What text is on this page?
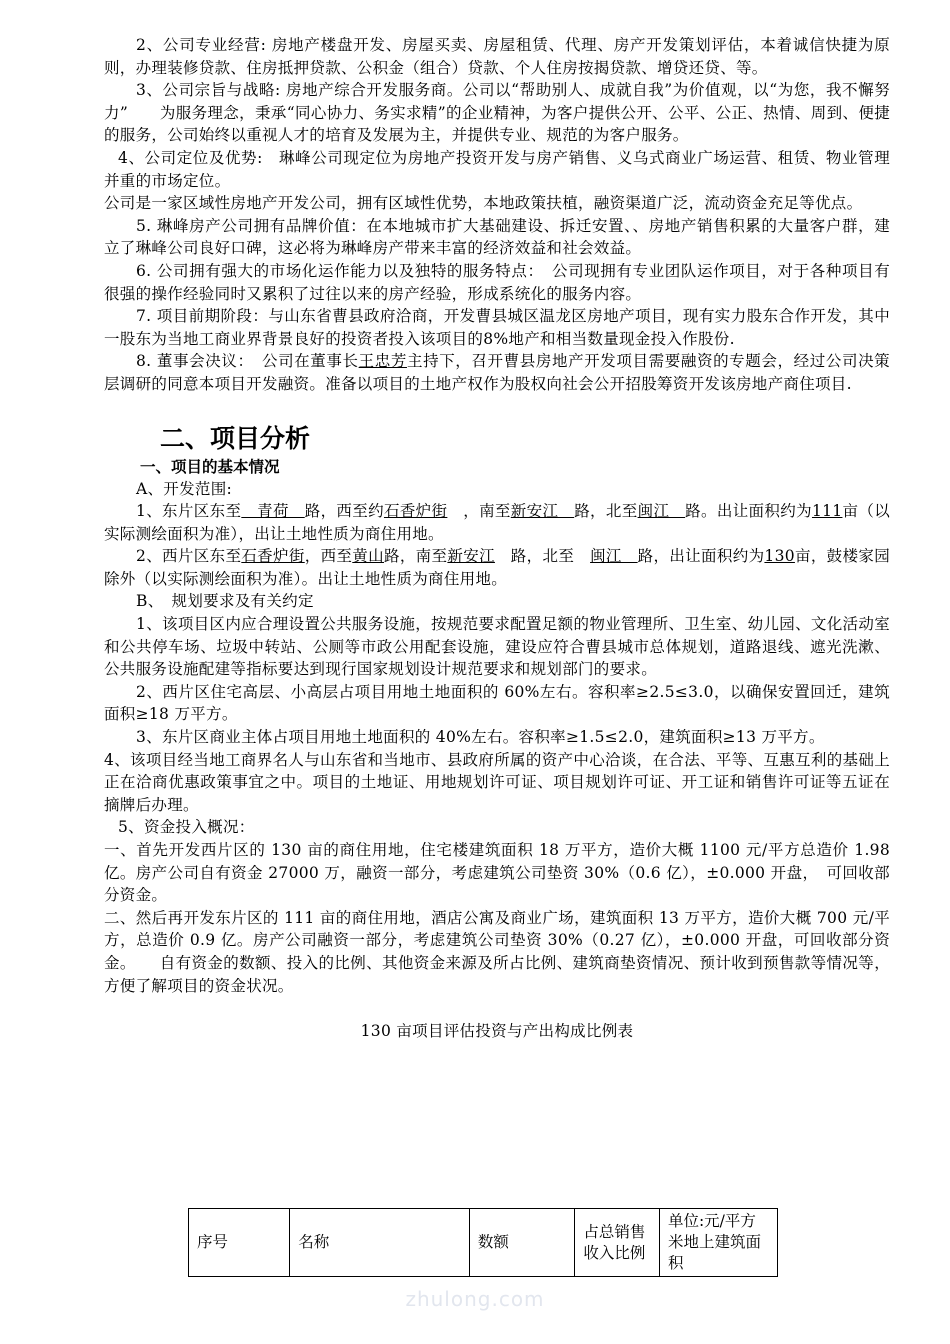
2、公司专业经营: 房地产楼盘开发、房屋买卖、房屋租赁、代理、房产开发策划评估，本着诚信快捷为原则，办理装修贷款、住房抵押贷款、公积金（组合）贷款、个人住房按揭贷款、增贷还贷、等。

3、公司宗旨与战略: 房地产综合开发服务商。公司以“帮助别人、成就自我”为价值观，以“为您，我不懈努力”　　为服务理念，秉承“同心协力、务实求精”的企业精神，为客户提供公开、公平、公正、热情、周到、便捷的服务，公司始终以重视人才的培育及发展为主，并提供专业、规范的为客户服务。

4、公司定位及优势:　琳峰公司现定位为房地产投资开发与房产销售、义乌式商业广场运营、租赁、物业管理并重的市场定位。

公司是一家区域性房地产开发公司，拥有区域性优势，本地政策扶植，融资渠道广泛，流动资金充足等优点。

5. 琳峰房产公司拥有品牌价值：在本地城市扩大基础建设、拆迁安置、、房地产销售积累的大量客户群，建立了琳峰公司良好口碑，这必将为琳峰房产带来丰富的经济效益和社会效益。

6. 公司拥有强大的市场化运作能力以及独特的服务特点：　公司现拥有专业团队运作项目，对于各种项目有很强的操作经验同时又累积了过往以来的房产经验，形成系统化的服务内容。

7. 项目前期阶段：与山东省曹县政府洽商，开发曹县城区温龙区房地产项目，现有实力股东合作开发，其中一股东为当地工商业界背景良好的投资者投入该项目的8%地产和相当数量现金投入作股份.

8. 董事会决议：　公司在董事长王忠芳主持下，召开曹县房地产开发项目需要融资的专题会，经过公司决策层调研的同意本项目开发融资。准备以项目的土地产权作为股权向社会公开招股筹资开发该房地产商住项目.

二、项目分析
一、项目的基本情况

A、开发范围:

1、东片区东至　青荷　路，西至约石香炉街　，南至新安江　路，北至闽江　路。出让面积约为111亩（以实际测绘面积为准），出让土地性质为商住用地。

2、西片区东至石香炉街，西至黄山路，南至新安江　路，北至　闽江　路，出让面积约为130亩，鼓楼家园除外（以实际测绘面积为准）。出让土地性质为商住用地。

B、　规划要求及有关约定

1、该项目区内应合理设置公共服务设施，按规范要求配置足额的物业管理所、卫生室、幼儿园、文化活动室和公共停车场、垃圾中转站、公厕等市政公用配套设施，建设应符合曹县城市总体规划，道路退线、遮光洗漱、公共服务设施配建等指标要达到现行国家规划设计规范要求和规划部门的要求。

2、西片区住宅高层、小高层占项目用地土地面积的 60%左右。容积率≥2.5≤3.0，以确保安置回迁，建筑面积≥18 万平方。

3、东片区商业主体占项目用地土地面积的 40%左右。容积率≥1.5≤2.0，建筑面积≥13 万平方。

4、该项目经当地工商界名人与山东省和当地市、县政府所属的资产中心洽谈，在合法、平等、互惠互利的基础上正在洽商优惠政策事宜之中。项目的土地证、用地规划许可证、项目规划许可证、开工证和销售许可证等五证在摘牌后办理。

5、资金投入概况：

一、首先开发西片区的 130 亩的商住用地，住宅楼建筑面积 18 万平方，造价大概 1100 元/平方总造价 1.98 亿。房产公司自有资金 27000 万，融资一部分，考虑建筑公司垫资 30%（0.6 亿），±0.000 开盘，　可回收部分资金。

二、然后再开发东片区的 111 亩的商住用地，酒店公寓及商业广场，建筑面积 13 万平方，造价大概 700 元/平方，总造价 0.9 亿。房产公司融资一部分，考虑建筑公司垫资 30%（0.27 亿），±0.000 开盘，可回收部分资金。　　自有资金的数额、投入的比例、其他资金来源及所占比例、建筑商垫资情况、预计收到预售款等情况等，方便了解项目的资金状况。

130 亩项目评估投资与产出构成比例表

序号	名称	数额	占总销售收入比例	单位:元/平方米地上建筑面积
zhulong.com
